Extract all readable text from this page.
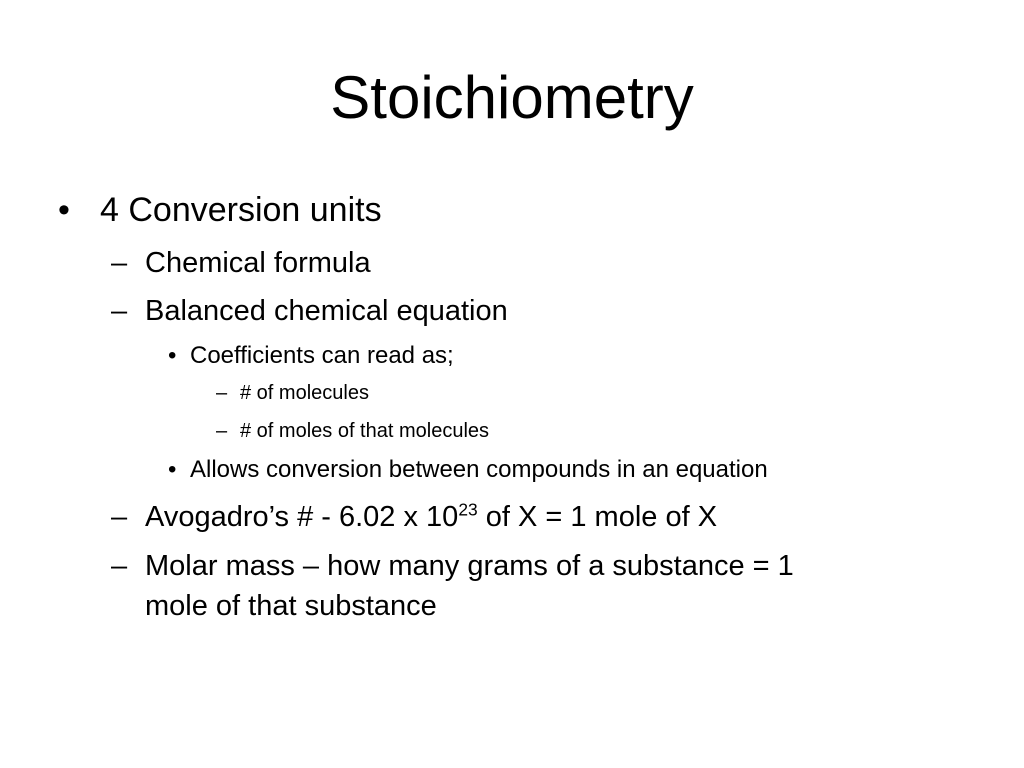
Stoichiometry
• 4 Conversion units
– Chemical formula
– Balanced chemical equation
• Coefficients can read as;
– # of molecules
– # of moles of that molecules
• Allows conversion between compounds in an equation
– Avogadro’s # - 6.02 x $10^{23}$ of X = 1 mole of X
– Molar mass – how many grams of a substance = 1
mole of that substance
